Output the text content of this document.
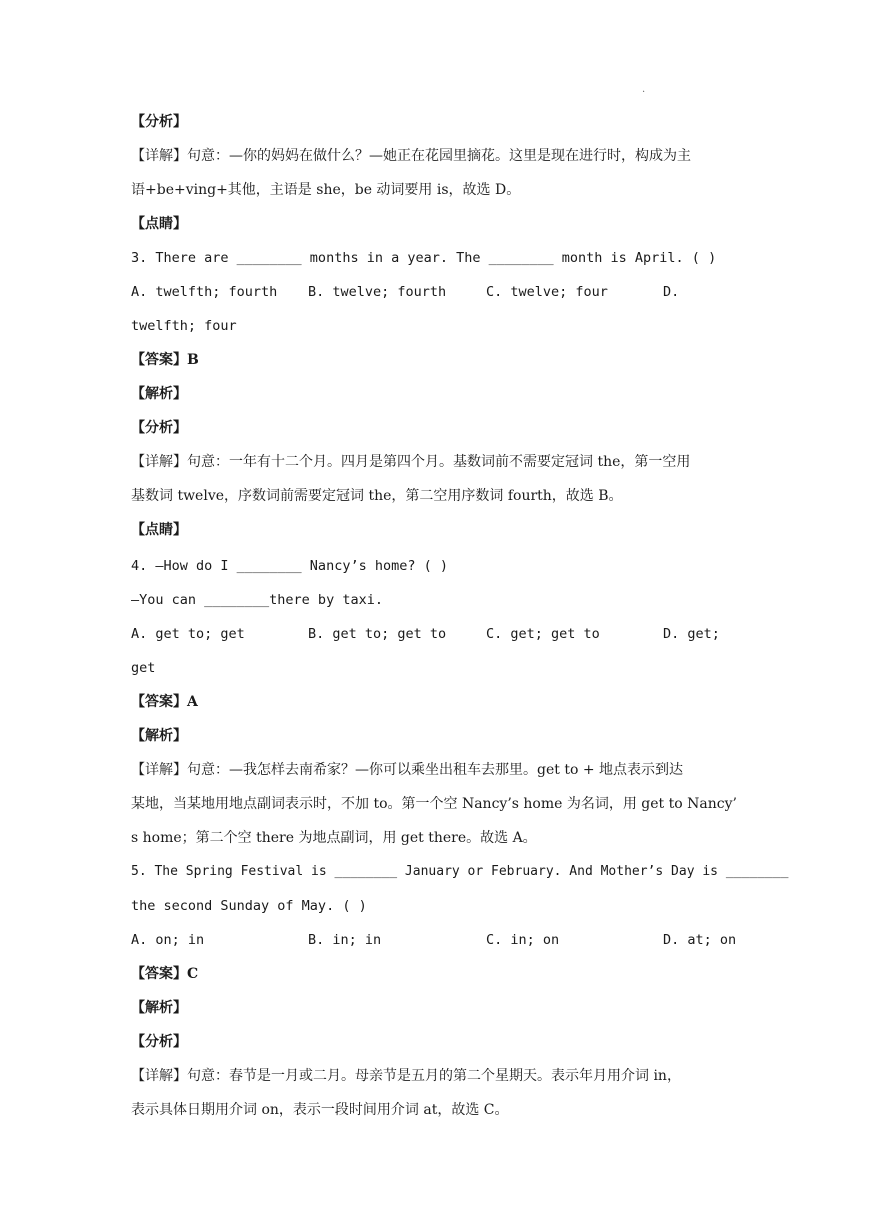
.
【分析】
【详解】句意：—你的妈妈在做什么？—她正在花园里摘花。这里是现在进行时，构成为主
语+be+ving+其他，主语是 she，be 动词要用 is，故选 D。
【点睛】
3. There are ________ months in a year. The ________ month is April. ( )
A. twelfth; fourth B. twelve; fourth	C. twelve; four	D.
twelfth; four
【答案】B
【解析】
【分析】
【详解】句意：一年有十二个月。四月是第四个月。基数词前不需要定冠词 the，第一空用
基数词 twelve，序数词前需要定冠词 the，第二空用序数词 fourth，故选 B。
【点睛】
4. —How do I ________ Nancy’s home? ( )
—You can ________there by taxi.
A. get to; get	B. get to; get to	C. get; get to	D. get;
get
【答案】A
【解析】
【详解】句意：—我怎样去南希家？—你可以乘坐出租车去那里。get to + 地点表示到达
某地，当某地用地点副词表示时，不加 to。第一个空 Nancy’s home 为名词，用 get to Nancy’
s home；第二个空 there 为地点副词，用 get there。故选 A。
5. The Spring Festival is ________ January or February. And Mother’s Day is ________
the second Sunday of May. ( )
A. on; in	B. in; in	C. in; on	D. at; on
【答案】C
【解析】
【分析】
【详解】句意：春节是一月或二月。母亲节是五月的第二个星期天。表示年月用介词 in，
表示具体日期用介词 on，表示一段时间用介词 at，故选 C。
